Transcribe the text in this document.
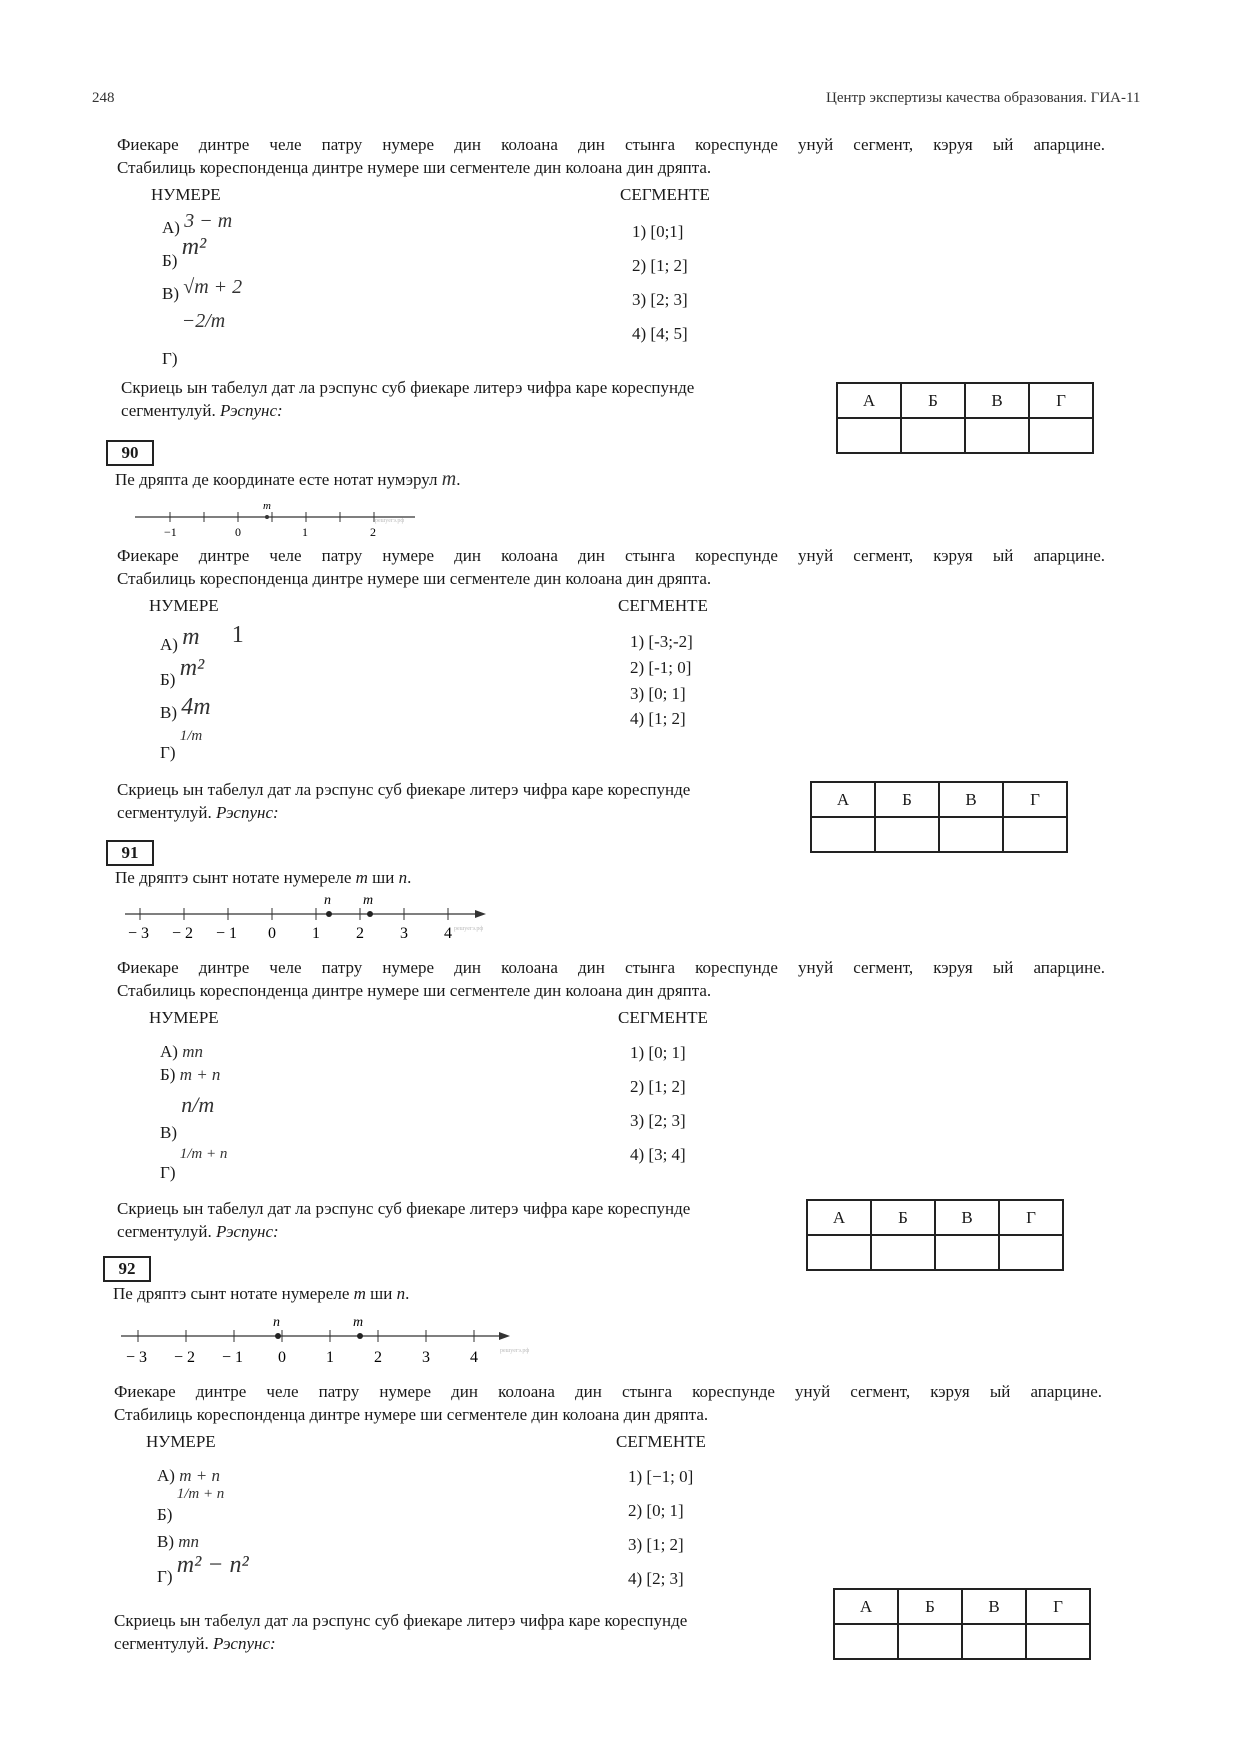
248	Центр экспертизы качества образования. ГИА-11
Фиекаре динтре челе патру нумере дин колоана дин стынга кореспунде унуй сегмент, кэруя ый апарцине.
Стабилиць кореспонденца динтре нумере ши сегментеле дин колоана дин дряпта.
НУМЕРЕ	СЕГМЕНТЕ
А) 3 − m
Б) m²
В) √m + 2
Г) −2/m
1) [0;1]
2) [1; 2]
3) [2; 3]
4) [4; 5]
Скриець ын табелул дат ла рэспунс суб фиекаре литерэ чифра каре кореспунде
сегментулуй. Рэспунс:
А	Б	В	Г

90
Пе дряпта де координате есте нотат нумэрул m.
m
−1	0	1	2
решуегэ.рф
Фиекаре динтре челе патру нумере дин колоана дин стынга кореспунде унуй сегмент, кэруя ый апарцине.
Стабилиць кореспонденца динтре нумере ши сегментеле дин колоана дин дряпта.
НУМЕРЕ	СЕГМЕНТЕ
А) m 1
Б) m²
В) 4m
Г) 1/m
1) [-3;-2]
2) [-1; 0]
3) [0; 1]
4) [1; 2]
Скриець ын табелул дат ла рэспунс суб фиекаре литерэ чифра каре кореспунде
сегментулуй. Рэспунс:
А	Б	В	Г

91
Пе дряптэ сынт нотате нумереле m ши n.
n m
− 3 − 2 − 1 0 1 2 3 4 решуегэ.рф
Фиекаре динтре челе патру нумере дин колоана дин стынга кореспунде унуй сегмент, кэруя ый апарцине.
Стабилиць кореспонденца динтре нумере ши сегментеле дин колоана дин дряпта.
НУМЕРЕ	СЕГМЕНТЕ
А) mn
Б) m + n
В) n/m
Г) 1/m + n
1) [0; 1]
2) [1; 2]
3) [2; 3]
4) [3; 4]
Скриець ын табелул дат ла рэспунс суб фиекаре литерэ чифра каре кореспунде
сегментулуй. Рэспунс:
А	Б	В	Г

92
Пе дряптэ сынт нотате нумереле m ши n.
n	m
− 3 − 2 − 1 0	1	2	3	4	решуегэ.рф
Фиекаре динтре челе патру нумере дин колоана дин стынга кореспунде унуй сегмент, кэруя ый апарцине.
Стабилиць кореспонденца динтре нумере ши сегментеле дин колоана дин дряпта.
НУМЕРЕ	СЕГМЕНТЕ
А) m + n
Б) 1/m + n
В) mn
Г) m² − n²
1) [−1; 0]
2) [0; 1]
3) [1; 2]
4) [2; 3]
Скриець ын табелул дат ла рэспунс суб фиекаре литерэ чифра каре кореспунде
сегментулуй. Рэспунс:
А	Б	В	Г
